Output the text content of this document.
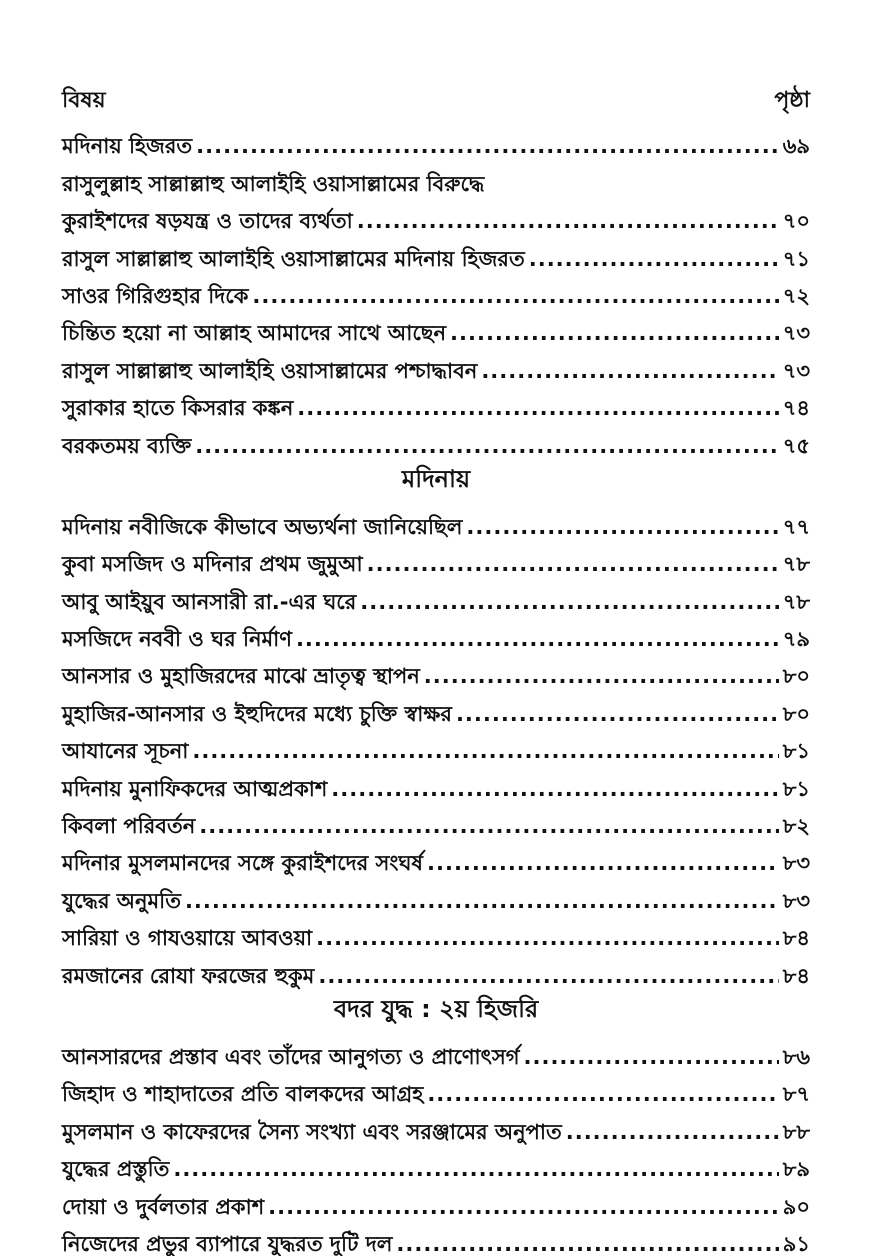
বিষয়	পৃষ্ঠা
মদিনায় হিজরত .....	৬৯
রাসুলুল্লাহ সাল্লাল্লাহু আলাইহি ওয়াসাল্লামের বিরুদ্ধে
কুরাইশদের ষড়যন্ত্র ও তাদের ব্যর্থতা .....	৭০
রাসুল সাল্লাল্লাহু আলাইহি ওয়াসাল্লামের মদিনায় হিজরত .....	৭১
সাওর গিরিগুহার দিকে .....	৭২
চিন্তিত হয়ো না আল্লাহ আমাদের সাথে আছেন .....	৭৩
রাসুল সাল্লাল্লাহু আলাইহি ওয়াসাল্লামের পশ্চাদ্ধাবন .....	৭৩
সুরাকার হাতে কিসরার কঙ্কন .....	৭৪
বরকতময় ব্যক্তি .....	৭৫
মদিনায়
মদিনায় নবীজিকে কীভাবে অভ্যর্থনা জানিয়েছিল .....	৭৭
কুবা মসজিদ ও মদিনার প্রথম জুমুআ .....	৭৮
আবু আইয়ুব আনসারী রা.-এর ঘরে .....	৭৮
মসজিদে নববী ও ঘর নির্মাণ .....	৭৯
আনসার ও মুহাজিরদের মাঝে ভ্রাতৃত্ব স্থাপন .....	৮০
মুহাজির-আনসার ও ইহুদিদের মধ্যে চুক্তি স্বাক্ষর .....	৮০
আযানের সূচনা .....	৮১
মদিনায় মুনাফিকদের আত্মপ্রকাশ .....	৮১
কিবলা পরিবর্তন .....	৮২
মদিনার মুসলমানদের সঙ্গে কুরাইশদের সংঘর্ষ .....	৮৩
যুদ্ধের অনুমতি .....	৮৩
সারিয়া ও গাযওয়ায়ে আবওয়া .....	৮৪
রমজানের রোযা ফরজের হুকুম .....	৮৪
বদর যুদ্ধ : ২য় হিজরি
আনসারদের প্রস্তাব এবং তাঁদের আনুগত্য ও প্রাণোৎসর্গ .....	৮৬
জিহাদ ও শাহাদাতের প্রতি বালকদের আগ্রহ .....	৮৭
মুসলমান ও কাফেরদের সৈন্য সংখ্যা এবং সরঞ্জামের অনুপাত .....	৮৮
যুদ্ধের প্রস্তুতি .....	৮৯
দোয়া ও দুর্বলতার প্রকাশ .....	৯০
নিজেদের প্রভুর ব্যাপারে যুদ্ধরত দুটি দল .....	৯১
